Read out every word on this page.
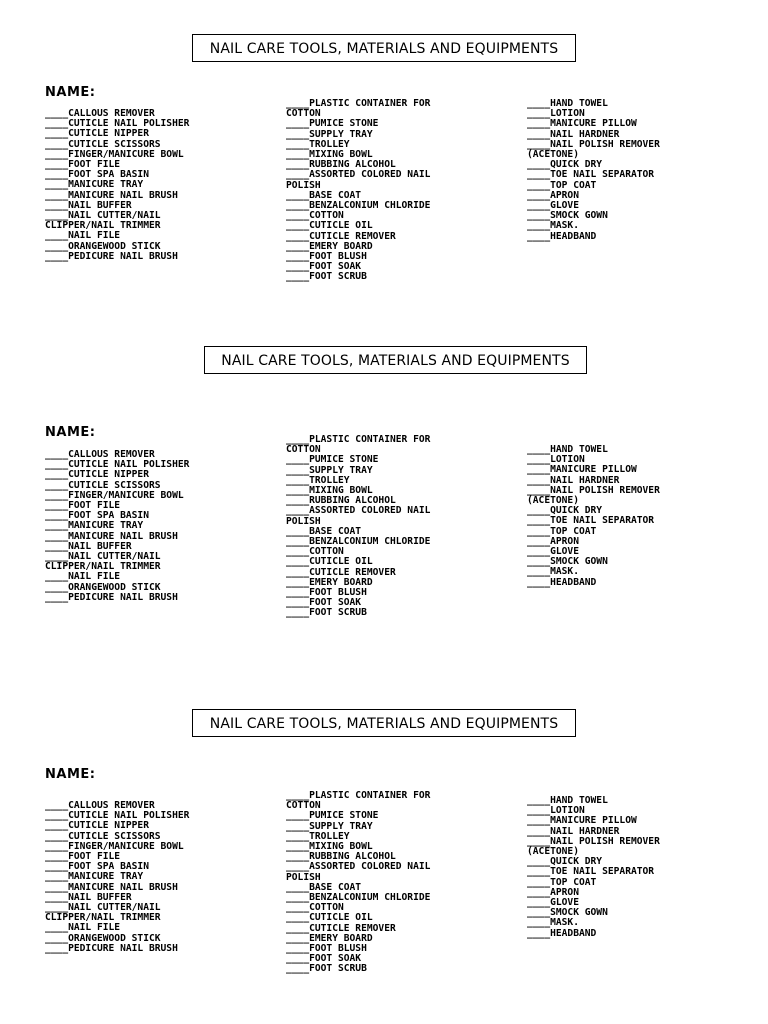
NAIL CARE TOOLS, MATERIALS AND EQUIPMENTS
NAME:
____CALLOUS REMOVER
____CUTICLE NAIL POLISHER
____CUTICLE NIPPER
____CUTICLE SCISSORS
____FINGER/MANICURE BOWL
____FOOT FILE
____FOOT SPA BASIN
____MANICURE TRAY
____MANICURE NAIL BRUSH
____NAIL BUFFER
____NAIL CUTTER/NAIL
CLIPPER/NAIL TRIMMER
____NAIL FILE
____ORANGEWOOD STICK
____PEDICURE NAIL BRUSH
____PLASTIC CONTAINER FOR
COTTON
____PUMICE STONE
____SUPPLY TRAY
____TROLLEY
____MIXING BOWL
____RUBBING ALCOHOL
____ASSORTED COLORED NAIL
POLISH
____BASE COAT
____BENZALCONIUM CHLORIDE
____COTTON
____CUTICLE OIL
____CUTICLE REMOVER
____EMERY BOARD
____FOOT BLUSH
____FOOT SOAK
____FOOT SCRUB
____HAND TOWEL
____LOTION
____MANICURE PILLOW
____NAIL HARDNER
____NAIL POLISH REMOVER
(ACETONE)
____QUICK DRY
____TOE NAIL SEPARATOR
____TOP COAT
____APRON
____GLOVE
____SMOCK GOWN
____MASK.
____HEADBAND
NAIL CARE TOOLS, MATERIALS AND EQUIPMENTS
NAME:
____CALLOUS REMOVER
____CUTICLE NAIL POLISHER
____CUTICLE NIPPER
____CUTICLE SCISSORS
____FINGER/MANICURE BOWL
____FOOT FILE
____FOOT SPA BASIN
____MANICURE TRAY
____MANICURE NAIL BRUSH
____NAIL BUFFER
____NAIL CUTTER/NAIL
CLIPPER/NAIL TRIMMER
____NAIL FILE
____ORANGEWOOD STICK
____PEDICURE NAIL BRUSH
____PLASTIC CONTAINER FOR
COTTON
____PUMICE STONE
____SUPPLY TRAY
____TROLLEY
____MIXING BOWL
____RUBBING ALCOHOL
____ASSORTED COLORED NAIL
POLISH
____BASE COAT
____BENZALCONIUM CHLORIDE
____COTTON
____CUTICLE OIL
____CUTICLE REMOVER
____EMERY BOARD
____FOOT BLUSH
____FOOT SOAK
____FOOT SCRUB
____HAND TOWEL
____LOTION
____MANICURE PILLOW
____NAIL HARDNER
____NAIL POLISH REMOVER
(ACETONE)
____QUICK DRY
____TOE NAIL SEPARATOR
____TOP COAT
____APRON
____GLOVE
____SMOCK GOWN
____MASK.
____HEADBAND
NAIL CARE TOOLS, MATERIALS AND EQUIPMENTS
NAME:
____CALLOUS REMOVER
____CUTICLE NAIL POLISHER
____CUTICLE NIPPER
____CUTICLE SCISSORS
____FINGER/MANICURE BOWL
____FOOT FILE
____FOOT SPA BASIN
____MANICURE TRAY
____MANICURE NAIL BRUSH
____NAIL BUFFER
____NAIL CUTTER/NAIL
CLIPPER/NAIL TRIMMER
____NAIL FILE
____ORANGEWOOD STICK
____PEDICURE NAIL BRUSH
____PLASTIC CONTAINER FOR
COTTON
____PUMICE STONE
____SUPPLY TRAY
____TROLLEY
____MIXING BOWL
____RUBBING ALCOHOL
____ASSORTED COLORED NAIL
POLISH
____BASE COAT
____BENZALCONIUM CHLORIDE
____COTTON
____CUTICLE OIL
____CUTICLE REMOVER
____EMERY BOARD
____FOOT BLUSH
____FOOT SOAK
____FOOT SCRUB
____HAND TOWEL
____LOTION
____MANICURE PILLOW
____NAIL HARDNER
____NAIL POLISH REMOVER
(ACETONE)
____QUICK DRY
____TOE NAIL SEPARATOR
____TOP COAT
____APRON
____GLOVE
____SMOCK GOWN
____MASK.
____HEADBAND
